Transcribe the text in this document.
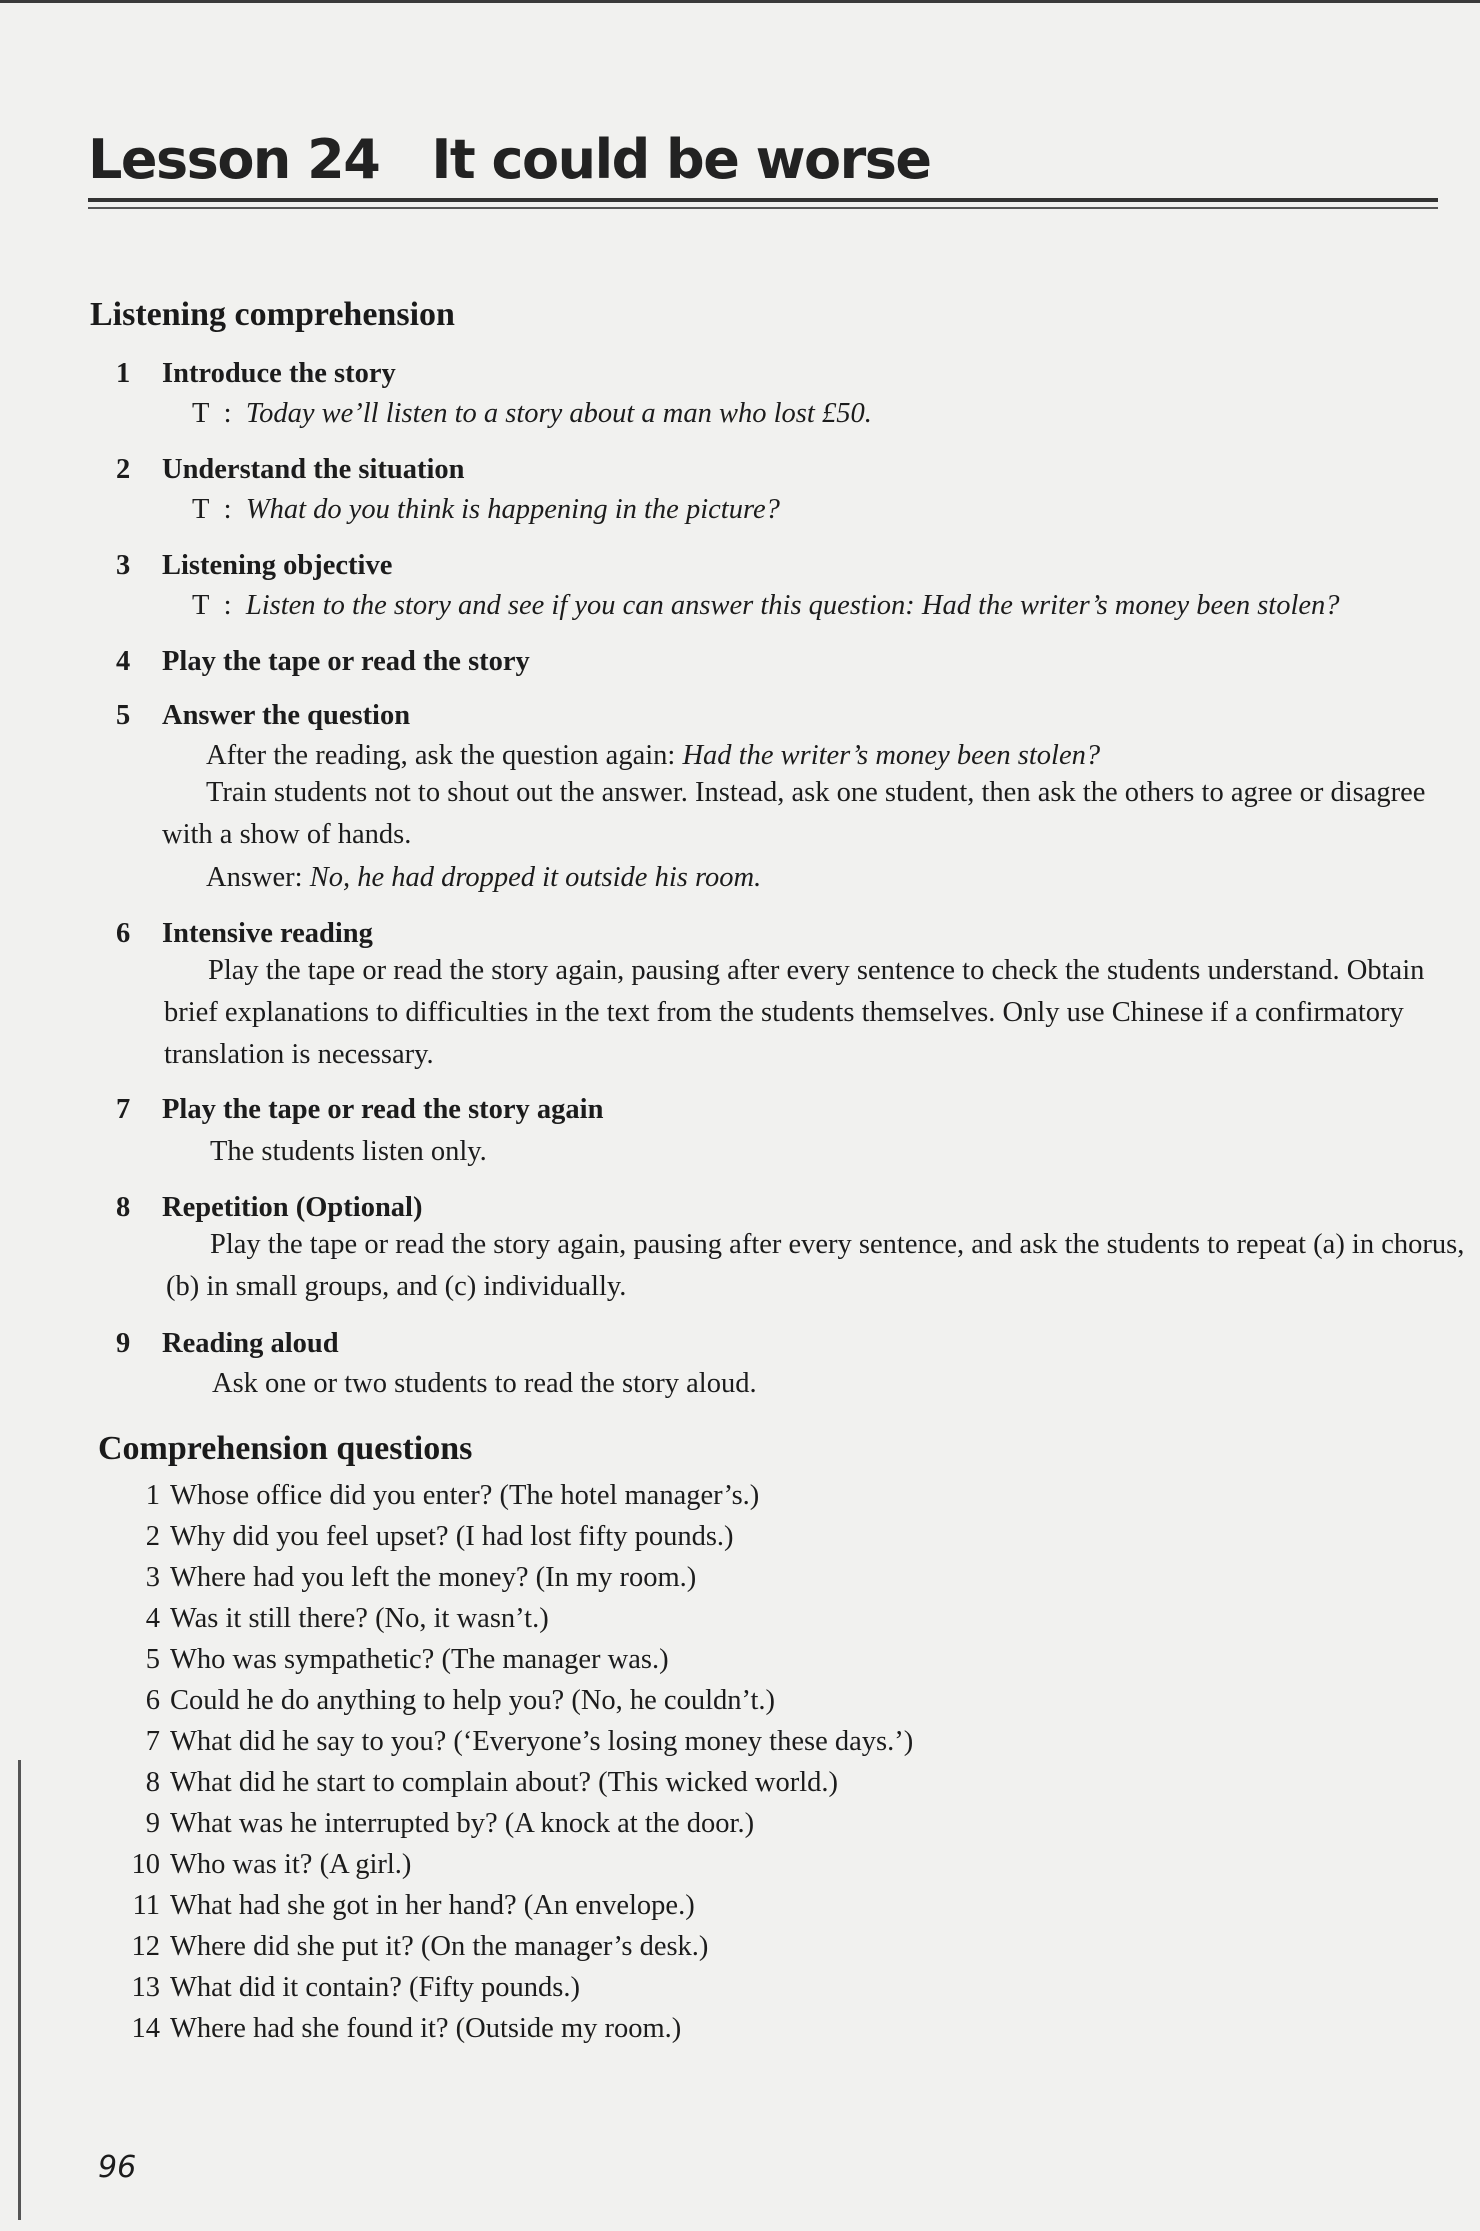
Lesson 24 It could be worse
Listening comprehension
1 Introduce the story
T  :  Today we’ll listen to a story about a man who lost £50.
2 Understand the situation
T  :  What do you think is happening in the picture?
3 Listening objective
T  :  Listen to the story and see if you can answer this question: Had the writer’s money been stolen?
4 Play the tape or read the story
5 Answer the question
After the reading, ask the question again: Had the writer’s money been stolen?
Train students not to shout out the answer. Instead, ask one student, then ask the others to agree or disagree with a show of hands.
Answer: No, he had dropped it outside his room.
6 Intensive reading
Play the tape or read the story again, pausing after every sentence to check the students understand. Obtain brief explanations to difficulties in the text from the students themselves. Only use Chinese if a confirmatory translation is necessary.
7 Play the tape or read the story again
The students listen only.
8 Repetition (Optional)
Play the tape or read the story again, pausing after every sentence, and ask the students to repeat (a) in chorus, (b) in small groups, and (c) individually.
9 Reading aloud
Ask one or two students to read the story aloud.
Comprehension questions
1 Whose office did you enter? (The hotel manager’s.)
2 Why did you feel upset? (I had lost fifty pounds.)
3 Where had you left the money? (In my room.)
4 Was it still there? (No, it wasn’t.)
5 Who was sympathetic? (The manager was.)
6 Could he do anything to help you? (No, he couldn’t.)
7 What did he say to you? (‘Everyone’s losing money these days.’)
8 What did he start to complain about? (This wicked world.)
9 What was he interrupted by? (A knock at the door.)
10 Who was it? (A girl.)
11 What had she got in her hand? (An envelope.)
12 Where did she put it? (On the manager’s desk.)
13 What did it contain? (Fifty pounds.)
14 Where had she found it? (Outside my room.)
96
